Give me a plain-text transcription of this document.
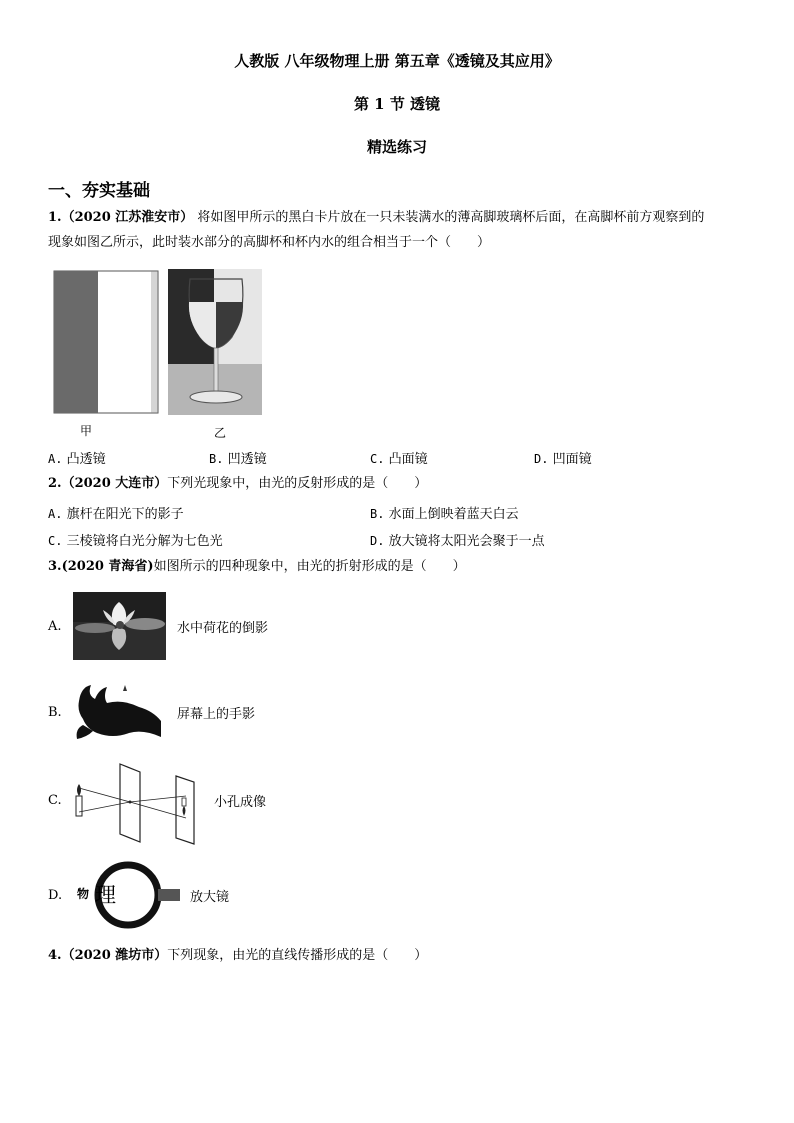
人教版 八年级物理上册 第五章《透镜及其应用》
第 1 节 透镜
精选练习
一、夯实基础
1.（2020 江苏淮安市） 将如图甲所示的黑白卡片放在一只未装满水的薄高脚玻璃杯后面，在高脚杯前方观察到的
现象如图乙所示，此时装水部分的高脚杯和杯内水的组合相当于一个（　　）
甲	乙
A. 凸透镜	B. 凹透镜	C. 凸面镜	D. 凹面镜
2.（2020 大连市）下列光现象中，由光的反射形成的是（　　）
A. 旗杆在阳光下的影子	B. 水面上倒映着蓝天白云
C. 三棱镜将白光分解为七色光	D. 放大镜将太阳光会聚于一点
3.(2020 青海省)如图所示的四种现象中，由光的折射形成的是（　　）
A.	水中荷花的倒影
B.	屏幕上的手影
C.	小孔成像
D. 物 理	放大镜
4.（2020 潍坊市）下列现象，由光的直线传播形成的是（　　）
